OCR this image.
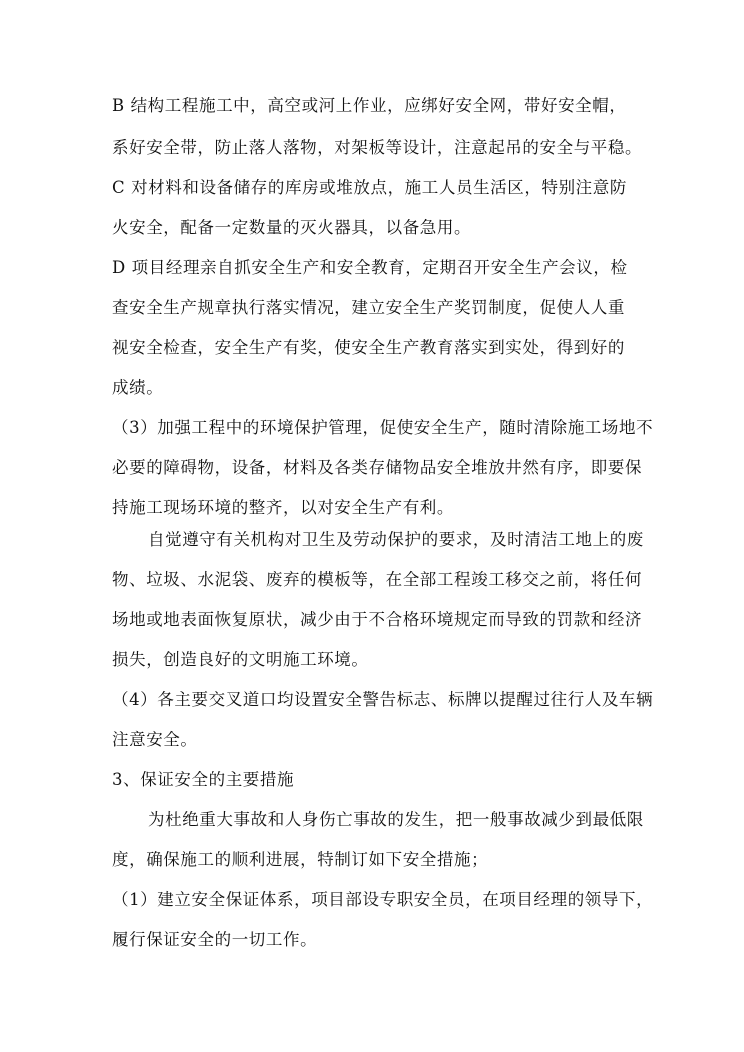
B 结构工程施工中，高空或河上作业，应绑好安全网，带好安全帽，

系好安全带，防止落人落物，对架板等设计，注意起吊的安全与平稳。

C 对材料和设备储存的库房或堆放点，施工人员生活区，特别注意防

火安全，配备一定数量的灭火器具，以备急用。

D 项目经理亲自抓安全生产和安全教育，定期召开安全生产会议，检

查安全生产规章执行落实情况，建立安全生产奖罚制度，促使人人重

视安全检查，安全生产有奖，使安全生产教育落实到实处，得到好的

成绩。

（3）加强工程中的环境保护管理，促使安全生产，随时清除施工场地不

必要的障碍物，设备，材料及各类存储物品安全堆放井然有序，即要保

持施工现场环境的整齐，以对安全生产有利。

自觉遵守有关机构对卫生及劳动保护的要求，及时清洁工地上的废

物、垃圾、水泥袋、废弃的模板等，在全部工程竣工移交之前，将任何

场地或地表面恢复原状，减少由于不合格环境规定而导致的罚款和经济

损失，创造良好的文明施工环境。

（4）各主要交叉道口均设置安全警告标志、标牌以提醒过往行人及车辆

注意安全。

3、保证安全的主要措施

为杜绝重大事故和人身伤亡事故的发生，把一般事故减少到最低限

度，确保施工的顺利进展，特制订如下安全措施；

（1）建立安全保证体系，项目部设专职安全员，在项目经理的领导下，

履行保证安全的一切工作。
